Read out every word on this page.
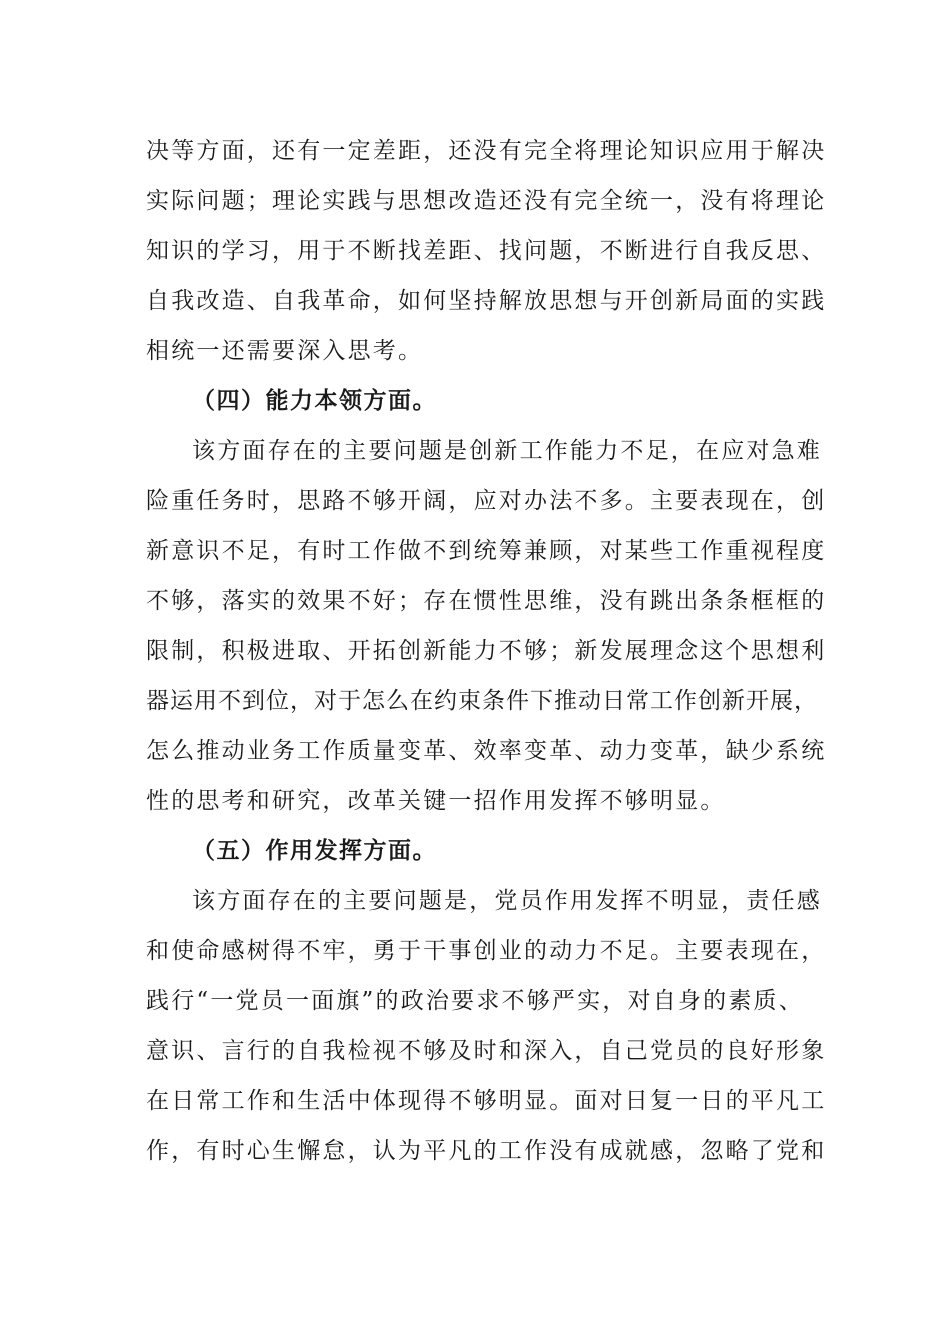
决等方面，还有一定差距，还没有完全将理论知识应用于解决
实际问题；理论实践与思想改造还没有完全统一，没有将理论
知识的学习，用于不断找差距、找问题，不断进行自我反思、
自我改造、自我革命，如何坚持解放思想与开创新局面的实践
相统一还需要深入思考。
（四）能力本领方面。
该方面存在的主要问题是创新工作能力不足，在应对急难
险重任务时，思路不够开阔，应对办法不多。主要表现在，创
新意识不足，有时工作做不到统筹兼顾，对某些工作重视程度
不够，落实的效果不好；存在惯性思维，没有跳出条条框框的
限制，积极进取、开拓创新能力不够；新发展理念这个思想利
器运用不到位，对于怎么在约束条件下推动日常工作创新开展，
怎么推动业务工作质量变革、效率变革、动力变革，缺少系统
性的思考和研究，改革关键一招作用发挥不够明显。
（五）作用发挥方面。
该方面存在的主要问题是，党员作用发挥不明显，责任感
和使命感树得不牢，勇于干事创业的动力不足。主要表现在，
践行“一党员一面旗”的政治要求不够严实，对自身的素质、
意识、言行的自我检视不够及时和深入，自己党员的良好形象
在日常工作和生活中体现得不够明显。面对日复一日的平凡工
作，有时心生懈怠，认为平凡的工作没有成就感，忽略了党和
